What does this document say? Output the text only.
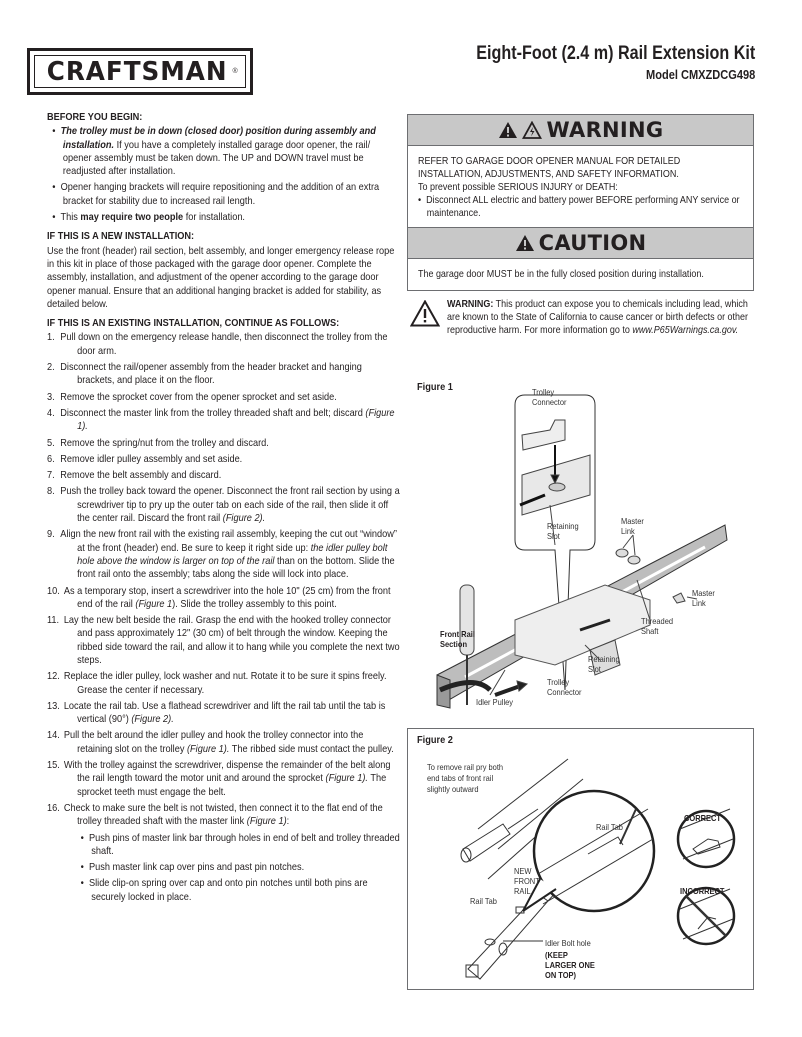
CRAFTSMAN ®
Eight-Foot (2.4 m) Rail Extension Kit
Model CMXZDCG498
BEFORE YOU BEGIN:

•  The trolley must be in down (closed door) position during assembly and installation. If you have a completely installed garage door opener, the rail/ opener assembly must be taken down. The UP and DOWN travel must be readjusted after installation.

•  Opener hanging brackets will require repositioning and the addition of an extra bracket for stability due to increased rail length.

•  This may require two people for installation.

IF THIS IS A NEW INSTALLATION:

Use the front (header) rail section, belt assembly, and longer emergency release rope in this kit in place of those packaged with the garage door opener. Complete the assembly, installation, and adjustment of the opener according to the garage door opener manual. Ensure that an additional hanging bracket is added for stability, as detailed below.

IF THIS IS AN EXISTING INSTALLATION, CONTINUE AS FOLLOWS:

1. Pull down on the emergency release handle, then disconnect the trolley from the door arm.

2. Disconnect the rail/opener assembly from the header bracket and hanging brackets, and place it on the floor.

3. Remove the sprocket cover from the opener sprocket and set aside.

4. Disconnect the master link from the trolley threaded shaft and belt; discard (Figure 1).

5. Remove the spring/nut from the trolley and discard.

6. Remove idler pulley assembly and set aside.

7. Remove the belt assembly and discard.

8. Push the trolley back toward the opener. Disconnect the front rail section by using a screwdriver tip to pry up the outer tab on each side of the rail, then slide it off the center rail. Discard the front rail (Figure 2).

9. Align the new front rail with the existing rail assembly, keeping the cut out “window” at the front (header) end. Be sure to keep it right side up: the idler pulley bolt hole above the window is larger on top of the rail than on the bottom. Slide the front rail onto the assembly; tabs along the side will lock into place.

10. As a temporary stop, insert a screwdriver into the hole 10" (25 cm) from the front end of the rail (Figure 1). Slide the trolley assembly to this point.

11. Lay the new belt beside the rail. Grasp the end with the hooked trolley connector and pass approximately 12" (30 cm) of belt through the window. Keeping the ribbed side toward the rail, and allow it to hang while you complete the next two steps.

12. Replace the idler pulley, lock washer and nut. Rotate it to be sure it spins freely. Grease the center if necessary.

13. Locate the rail tab. Use a flathead screwdriver and lift the rail tab until the tab is vertical (90°) (Figure 2).

14. Pull the belt around the idler pulley and hook the trolley connector into the retaining slot on the trolley (Figure 1). The ribbed side must contact the pulley.

15. With the trolley against the screwdriver, dispense the remainder of the belt along the rail length toward the motor unit and around the sprocket (Figure 1). The sprocket teeth must engage the belt.

16. Check to make sure the belt is not twisted, then connect it to the flat end of the trolley threaded shaft with the master link (Figure 1):

•  Push pins of master link bar through holes in end of belt and trolley threaded shaft.

•  Push master link cap over pins and past pin notches.

•  Slide clip-on spring over cap and onto pin notches until both pins are securely locked in place.

WARNING
REFER TO GARAGE DOOR OPENER MANUAL FOR DETAILED INSTALLATION, ADJUSTMENTS, AND SAFETY INFORMATION.
To prevent possible SERIOUS INJURY or DEATH:
•  Disconnect ALL electric and battery power BEFORE performing ANY service or maintenance.
CAUTION
The garage door MUST be in the fully closed position during installation.
WARNING: This product can expose you to chemicals including lead, which are known to the State of California to cause cancer or birth defects or other reproductive harm. For more information go to www.P65Warnings.ca.gov.
Figure 1	Trolley Connector
Retaining Slot
Master Link
Master Link
Threaded Shaft
Front Rail Section
Retaining Slot
Trolley Connector
Idler Pulley
Figure 2
To remove rail pry both end tabs of front rail slightly outward
Rail Tab
CORRECT
INCORRECT
NEW FRONT RAIL
Rail Tab
Idler Bolt hole
(KEEP LARGER ONE ON TOP)
